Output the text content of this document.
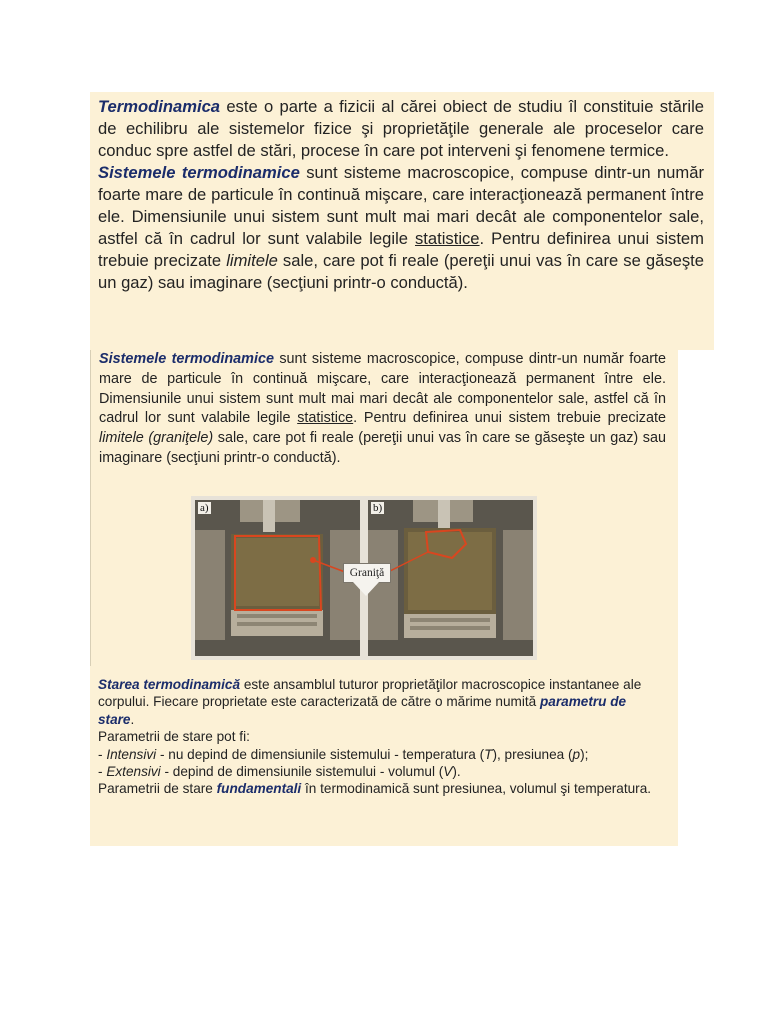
Termodinamica este o parte a fizicii al cărei obiect de studiu îl constituie stările de echilibru ale sistemelor fizice şi proprietăţile generale ale proceselor care conduc spre astfel de stări, procese în care pot interveni şi fenomene termice.

Sistemele termodinamice sunt sisteme macroscopice, compuse dintr-un număr foarte mare de particule în continuă mişcare, care interacţionează permanent între ele. Dimensiunile unui sistem sunt mult mai mari decât ale componentelor sale, astfel că în cadrul lor sunt valabile legile statistice. Pentru definirea unui sistem trebuie precizate limitele sale, care pot fi reale (pereţii unui vas în care se găseşte un gaz) sau imaginare (secţiuni printr-o conductă).

Sistemele termodinamice sunt sisteme macroscopice, compuse dintr-un număr foarte mare de particule în continuă mişcare, care interacţionează permanent între ele. Dimensiunile unui sistem sunt mult mai mari decât ale componentelor sale, astfel că în cadrul lor sunt valabile legile statistice. Pentru definirea unui sistem trebuie precizate limitele (graniţele) sale, care pot fi reale (pereţii unui vas în care se găseşte un gaz) sau imaginare (secţiuni printr-o conductă).

a)	b)
Graniţă

Starea termodinamică este ansamblul tuturor proprietăţilor macroscopice instantanee ale corpului. Fiecare proprietate este caracterizată de către o mărime numită parametru de stare.

Parametrii de stare pot fi:

- Intensivi - nu depind de dimensiunile sistemului - temperatura (T), presiunea (p);

- Extensivi - depind de dimensiunile sistemului - volumul (V).

Parametrii de stare fundamentali în termodinamică sunt presiunea, volumul şi temperatura.
